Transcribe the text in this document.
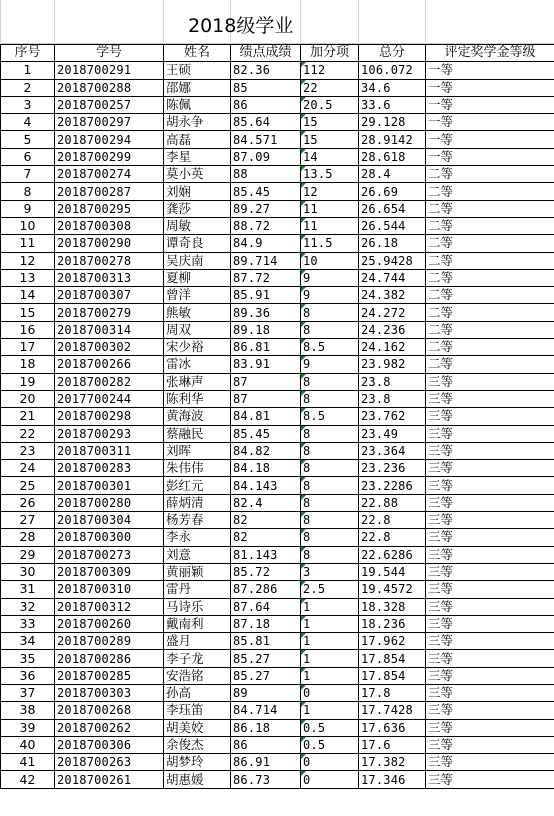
2018级学业
序号	学号	姓名	绩点成绩	加分项	总分	评定奖学金等级
1	2018700291	王硕	82.36	112	106.072	一等
2	2018700288	邵娜	85	22	34.6	一等
3	2018700257	陈佩	86	20.5	33.6	一等
4	2018700297	胡永争	85.64	15	29.128	一等
5	2018700294	高磊	84.571	15	28.9142	一等
6	2018700299	李星	87.09	14	28.618	一等
7	2018700274	莫小英	88	13.5	28.4	二等
8	2018700287	刘娴	85.45	12	26.69	二等
9	2018700295	龚莎	89.27	11	26.654	二等
10	2018700308	周敏	88.72	11	26.544	二等
11	2018700290	谭奇良	84.9	11.5	26.18	二等
12	2018700278	吴庆南	89.714	10	25.9428	二等
13	2018700313	夏柳	87.72	9	24.744	二等
14	2018700307	曾洋	85.91	9	24.382	二等
15	2018700279	熊敏	89.36	8	24.272	二等
16	2018700314	周双	89.18	8	24.236	二等
17	2018700302	宋少裕	86.81	8.5	24.162	二等
18	2018700266	雷冰	83.91	9	23.982	二等
19	2018700282	张琳声	87	8	23.8	三等
20	2017700244	陈利华	87	8	23.8	三等
21	2018700298	黄海波	84.81	8.5	23.762	三等
22	2018700293	蔡融民	85.45	8	23.49	三等
23	2018700311	刘晖	84.82	8	23.364	三等
24	2018700283	朱伟伟	84.18	8	23.236	三等
25	2018700301	彭红元	84.143	8	23.2286	三等
26	2018700280	薛炳清	82.4	8	22.88	三等
27	2018700304	杨芳春	82	8	22.8	三等
28	2018700300	李永	82	8	22.8	三等
29	2018700273	刘意	81.143	8	22.6286	三等
30	2018700309	黄丽颖	85.72	3	19.544	三等
31	2018700310	雷丹	87.286	2.5	19.4572	三等
32	2018700312	马诗乐	87.64	1	18.328	三等
33	2018700260	戴南利	87.18	1	18.236	三等
34	2018700289	盛月	85.81	1	17.962	三等
35	2018700286	李子龙	85.27	1	17.854	三等
36	2018700285	安浩铭	85.27	1	17.854	三等
37	2018700303	孙高	89	0	17.8	三等
38	2018700268	李珏笛	84.714	1	17.7428	三等
39	2018700262	胡美姣	86.18	0.5	17.636	三等
40	2018700306	余俊杰	86	0.5	17.6	三等
41	2018700263	胡梦玲	86.91	0	17.382	三等
42	2018700261	胡惠媛	86.73	0	17.346	三等
